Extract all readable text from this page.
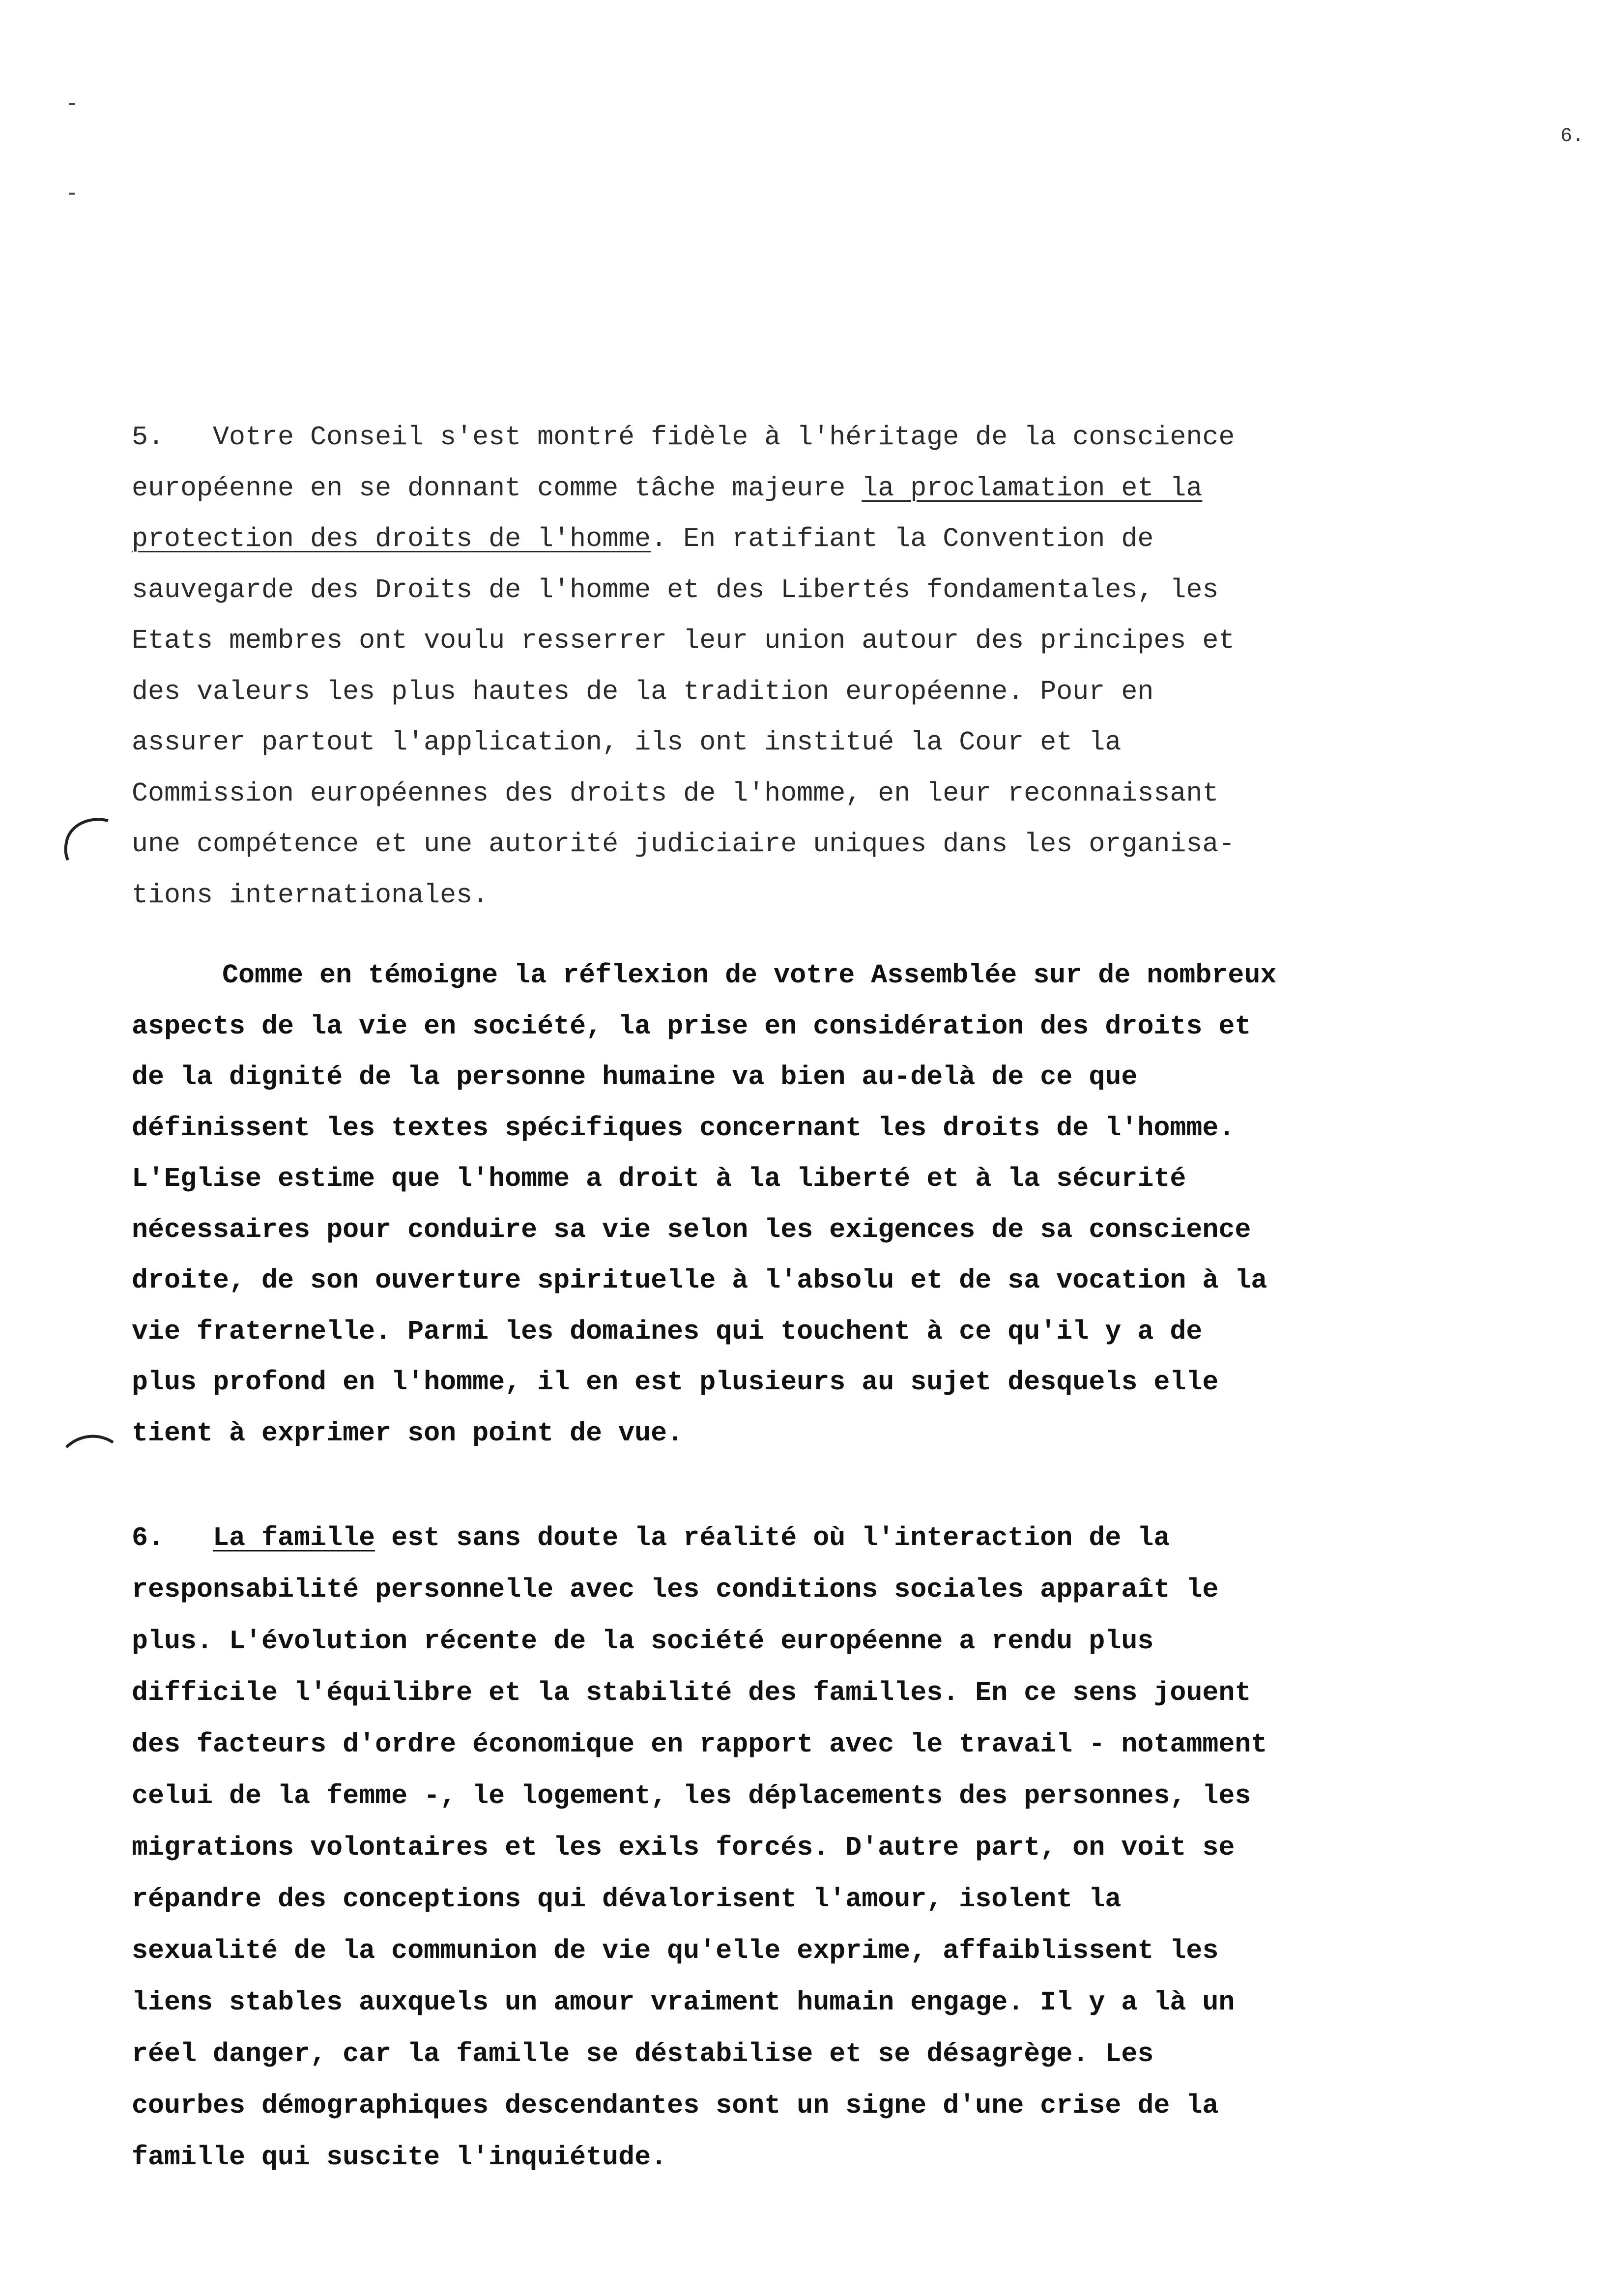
6.
5.   Votre Conseil s'est montré fidèle à l'héritage de la conscience
européenne en se donnant comme tâche majeure la proclamation et la
protection des droits de l'homme. En ratifiant la Convention de
sauvegarde des Droits de l'homme et des Libertés fondamentales, les
Etats membres ont voulu resserrer leur union autour des principes et
des valeurs les plus hautes de la tradition européenne. Pour en
assurer partout l'application, ils ont institué la Cour et la
Commission européennes des droits de l'homme, en leur reconnaissant
une compétence et une autorité judiciaire uniques dans les organisa-
tions internationales.
Comme en témoigne la réflexion de votre Assemblée sur de nombreux
aspects de la vie en société, la prise en considération des droits et
de la dignité de la personne humaine va bien au-delà de ce que
définissent les textes spécifiques concernant les droits de l'homme.
L'Eglise estime que l'homme a droit à la liberté et à la sécurité
nécessaires pour conduire sa vie selon les exigences de sa conscience
droite, de son ouverture spirituelle à l'absolu et de sa vocation à la
vie fraternelle. Parmi les domaines qui touchent à ce qu'il y a de
plus profond en l'homme, il en est plusieurs au sujet desquels elle
tient à exprimer son point de vue.
6.   La famille est sans doute la réalité où l'interaction de la
responsabilité personnelle avec les conditions sociales apparaît le
plus. L'évolution récente de la société européenne a rendu plus
difficile l'équilibre et la stabilité des familles. En ce sens jouent
des facteurs d'ordre économique en rapport avec le travail - notamment
celui de la femme -, le logement, les déplacements des personnes, les
migrations volontaires et les exils forcés. D'autre part, on voit se
répandre des conceptions qui dévalorisent l'amour, isolent la
sexualité de la communion de vie qu'elle exprime, affaiblissent les
liens stables auxquels un amour vraiment humain engage. Il y a là un
réel danger, car la famille se déstabilise et se désagrège. Les
courbes démographiques descendantes sont un signe d'une crise de la
famille qui suscite l'inquiétude.
